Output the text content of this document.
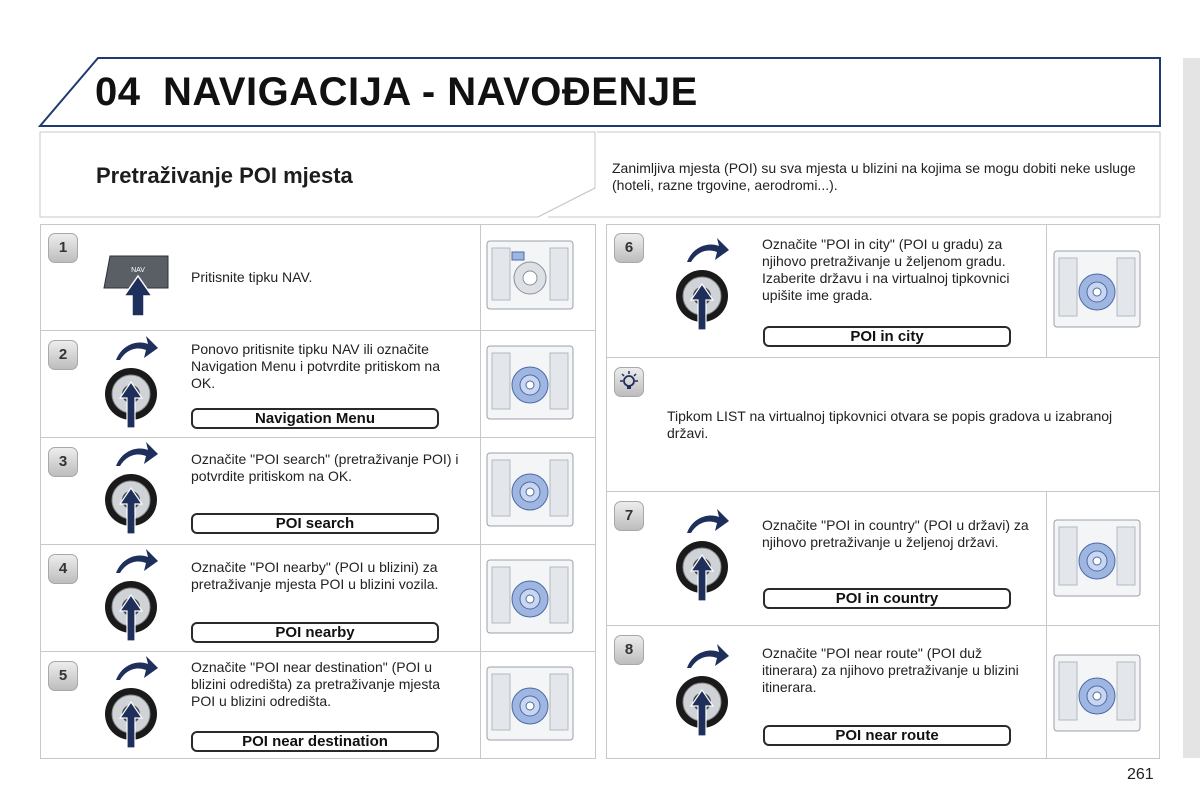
04 NAVIGACIJA - NAVOĐENJE
Pretraživanje POI mjesta	Zanimljiva mjesta (POI) su sva mjesta u blizini na kojima se mogu dobiti neke usluge (hoteli, razne trgovine, aerodromi...).
1
NAV	Pritisnite tipku NAV.
2	Ponovo pritisnite tipku NAV ili označite Navigation Menu i potvrdite pritiskom na OK.
Navigation Menu
3	Označite "POI search" (pretraživanje POI) i potvrdite pritiskom na OK.
POI search
4	Označite "POI nearby" (POI u blizini) za pretraživanje mjesta POI u blizini vozila.
POI nearby
5	Označite "POI near destination" (POI u blizini odredišta) za pretraživanje mjesta POI u blizini odredišta.
POI near destination
6	Označite "POI in city" (POI u gradu) za njihovo pretraživanje u željenom gradu. Izaberite državu i na virtualnoj tipkovnici upišite ime grada.
POI in city
Tipkom LIST na virtualnoj tipkovnici otvara se popis gradova u izabranoj državi.
7
Označite "POI in country" (POI u državi) za njihovo pretraživanje u željenoj državi.
POI in country
8	Označite "POI near route" (POI duž itinerara) za njihovo pretraživanje u blizini itinerara.
POI near route
261
